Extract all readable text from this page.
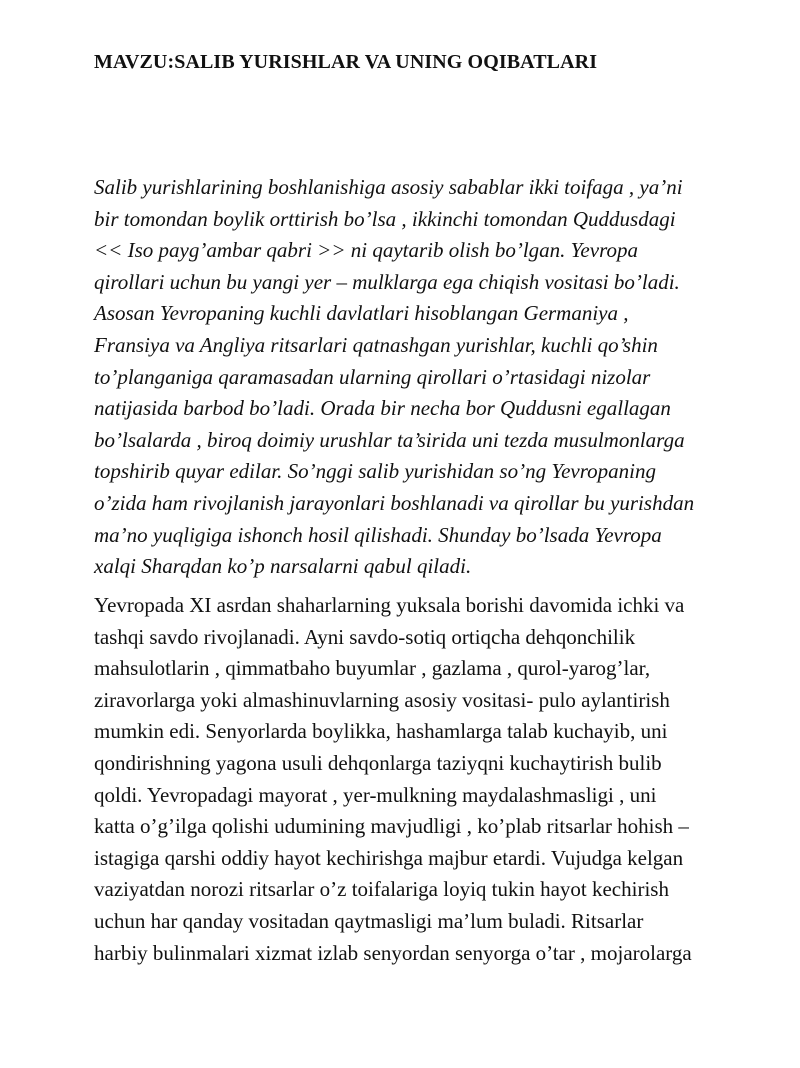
MAVZU:SALIB YURISHLAR VA UNING OQIBATLARI

Salib yurishlarining boshlanishiga asosiy sabablar ikki toifaga , ya’ni
bir tomondan boylik orttirish bo’lsa , ikkinchi tomondan Quddusdagi
<< Iso payg’ambar qabri >> ni qaytarib olish bo’lgan. Yevropa
qirollari uchun bu yangi yer – mulklarga ega chiqish vositasi bo’ladi.
Asosan Yevropaning kuchli davlatlari hisoblangan Germaniya ,
Fransiya va Angliya ritsarlari qatnashgan yurishlar, kuchli qo’shin
to’planganiga qaramasadan ularning qirollari o’rtasidagi nizolar
natijasida barbod bo’ladi. Orada bir necha bor Quddusni egallagan
bo’lsalarda , biroq doimiy urushlar ta’sirida uni tezda musulmonlarga
topshirib quyar edilar. So’nggi salib yurishidan so’ng Yevropaning
o’zida ham rivojlanish jarayonlari boshlanadi va qirollar bu yurishdan
ma’no yuqligiga ishonch hosil qilishadi. Shunday bo’lsada Yevropa
xalqi Sharqdan ko’p narsalarni qabul qiladi.

Yevropada XI asrdan shaharlarning yuksala borishi davomida ichki va
tashqi savdo rivojlanadi. Ayni savdo-sotiq ortiqcha dehqonchilik
mahsulotlarin , qimmatbaho buyumlar , gazlama , qurol-yarog’lar,
ziravorlarga yoki almashinuvlarning asosiy vositasi- pulo aylantirish
mumkin edi. Senyorlarda boylikka, hashamlarga talab kuchayib, uni
qondirishning yagona usuli dehqonlarga taziyqni kuchaytirish bulib
qoldi. Yevropadagi mayorat , yer-mulkning maydalashmasligi , uni
katta o’g’ilga qolishi udumining mavjudligi , ko’plab ritsarlar hohish –
istagiga qarshi oddiy hayot kechirishga majbur etardi. Vujudga kelgan
vaziyatdan norozi ritsarlar o’z toifalariga loyiq tukin hayot kechirish
uchun har qanday vositadan qaytmasligi ma’lum buladi. Ritsarlar
harbiy bulinmalari xizmat izlab senyordan senyorga o’tar , mojarolarga
